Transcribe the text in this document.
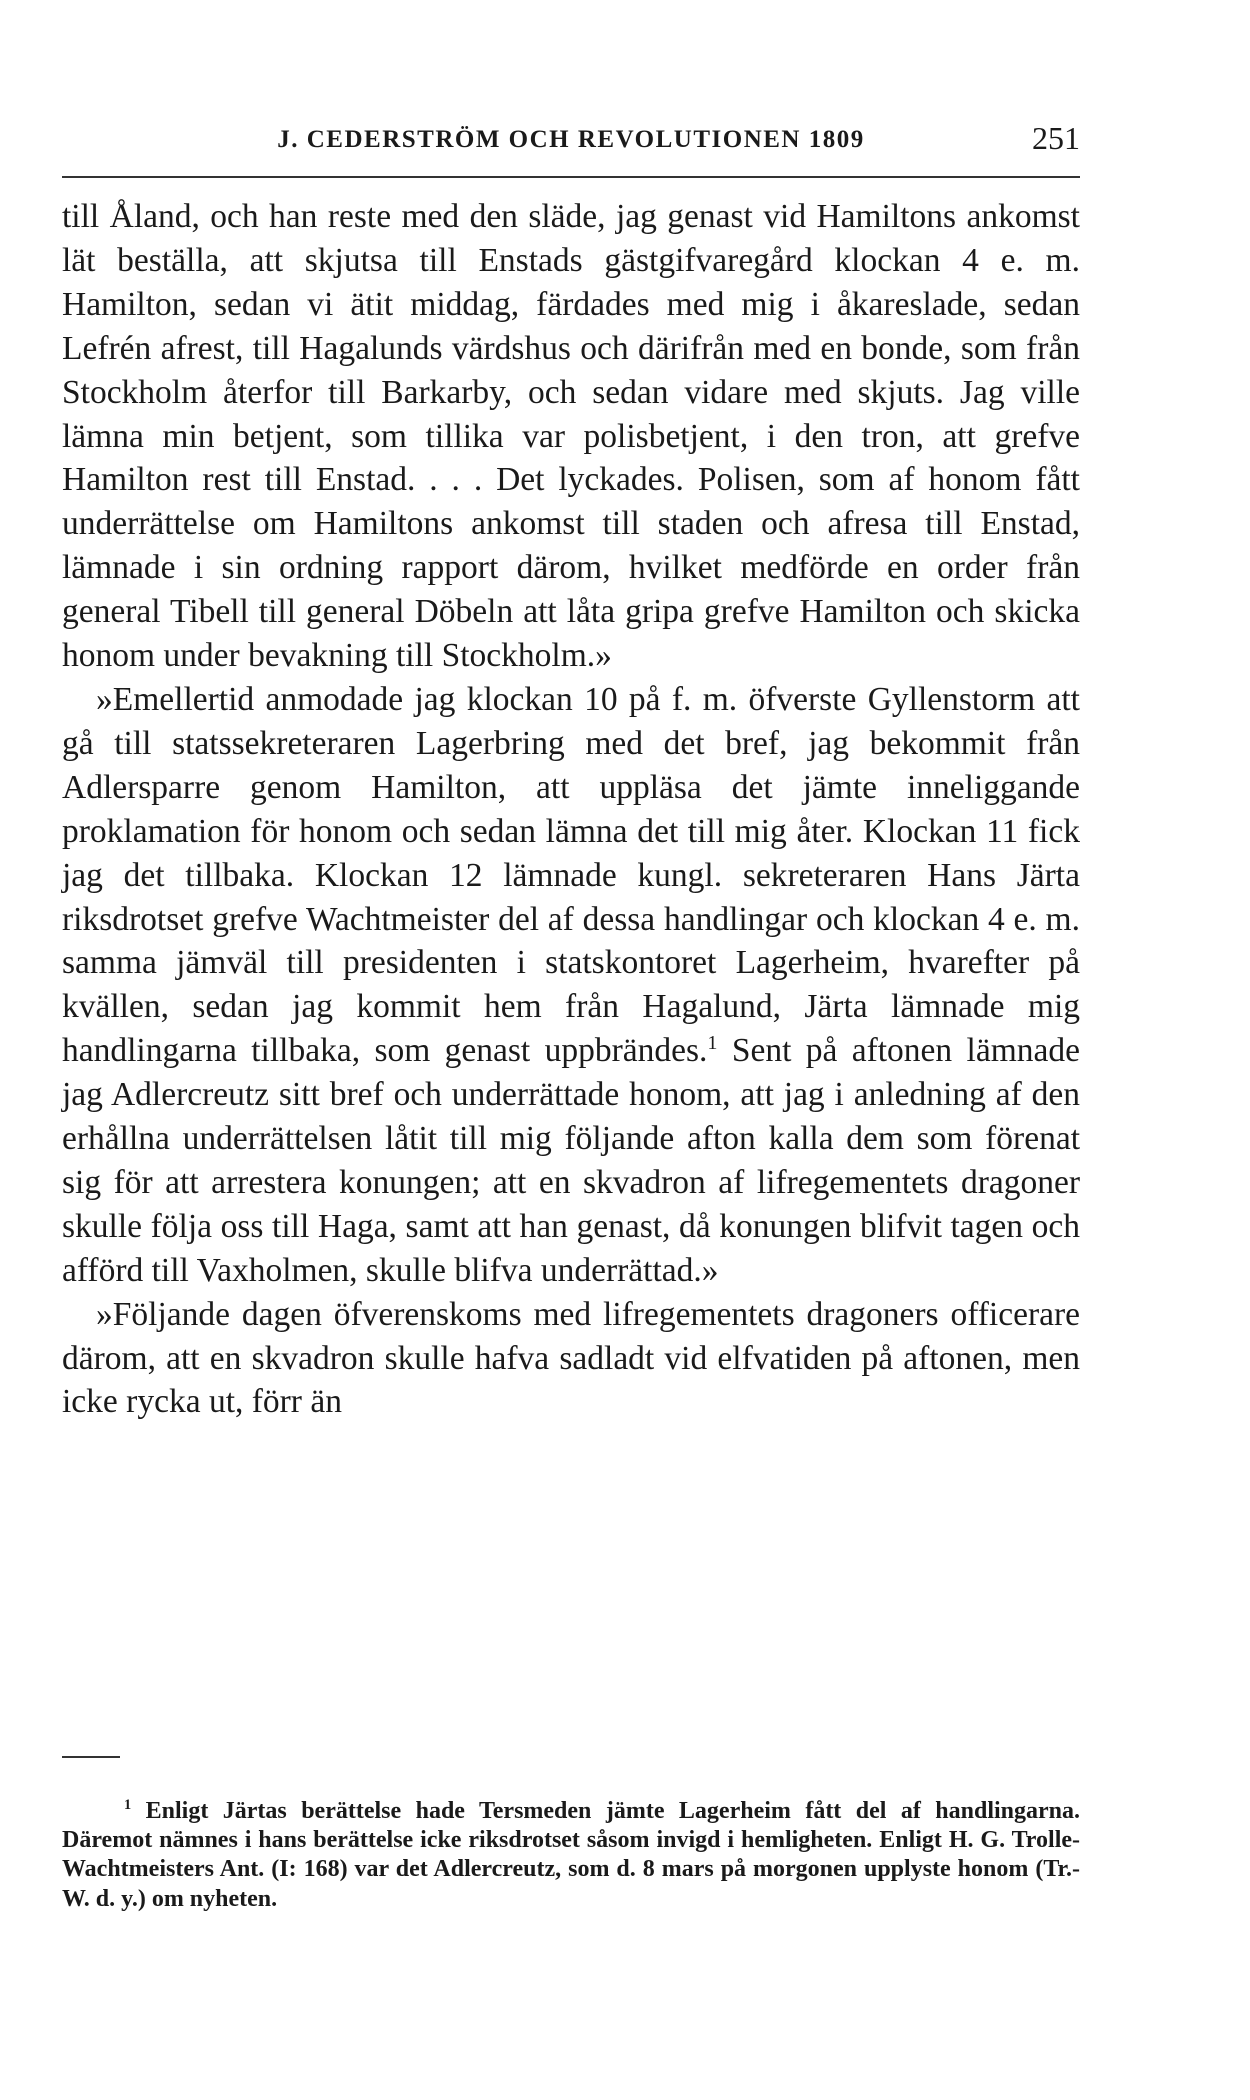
J. CEDERSTRÖM OCH REVOLUTIONEN 1809	251

till Åland, och han reste med den släde, jag genast vid Hamiltons ankomst lät beställa, att skjutsa till Enstads gästgifvaregård klockan 4 e. m. Hamilton, sedan vi ätit middag, färdades med mig i åkareslade, sedan Lefrén afrest, till Hagalunds värdshus och därifrån med en bonde, som från Stockholm återfor till Barkarby, och sedan vidare med skjuts. Jag ville lämna min betjent, som tillika var polisbetjent, i den tron, att grefve Hamilton rest till Enstad. . . . Det lyckades. Polisen, som af honom fått underrättelse om Hamiltons ankomst till staden och afresa till Enstad, lämnade i sin ordning rapport därom, hvilket medförde en order från general Tibell till general Döbeln att låta gripa grefve Hamilton och skicka honom under bevakning till Stockholm.»

»Emellertid anmodade jag klockan 10 på f. m. öfverste Gyllenstorm att gå till statssekreteraren Lagerbring med det bref, jag bekommit från Adlersparre genom Hamilton, att uppläsa det jämte inneliggande proklamation för honom och sedan lämna det till mig åter. Klockan 11 fick jag det tillbaka. Klockan 12 lämnade kungl. sekreteraren Hans Järta riksdrotset grefve Wachtmeister del af dessa handlingar och klockan 4 e. m. samma jämväl till presidenten i statskontoret Lagerheim, hvarefter på kvällen, sedan jag kommit hem från Hagalund, Järta lämnade mig handlingarna tillbaka, som genast uppbrändes.$^1$ Sent på aftonen lämnade jag Adlercreutz sitt bref och underrättade honom, att jag i anledning af den erhållna underrättelsen låtit till mig följande afton kalla dem som förenat sig för att arrestera konungen; att en skvadron af lifregementets dragoner skulle följa oss till Haga, samt att han genast, då konungen blifvit tagen och afförd till Vaxholmen, skulle blifva underrättad.»

»Följande dagen öfverenskoms med lifregementets dragoners officerare därom, att en skvadron skulle hafva sadladt vid elfvatiden på aftonen, men icke rycka ut, förr än

$^1$ Enligt Järtas berättelse hade Tersmeden jämte Lagerheim fått del af handlingarna. Däremot nämnes i hans berättelse icke riksdrotset såsom invigd i hemligheten. Enligt H. G. Trolle-Wachtmeisters Ant. (I: 168) var det Adlercreutz, som d. 8 mars på morgonen upplyste honom (Tr.-W. d. y.) om nyheten.
